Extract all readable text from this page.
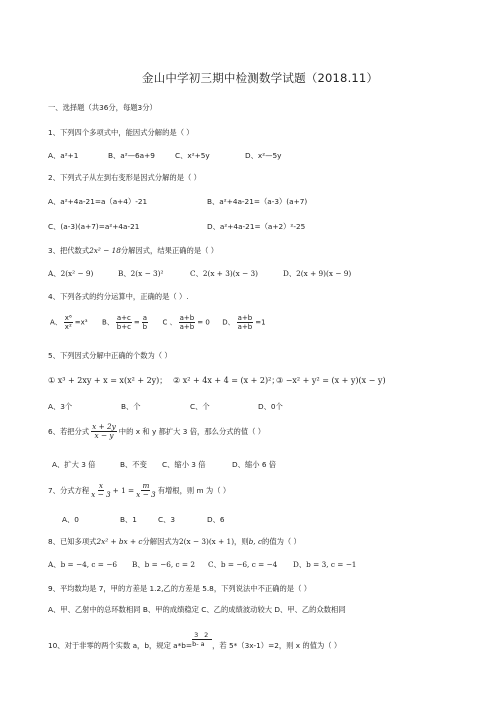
金山中学初三期中检测数学试题（2018.11）
一、选择题（共36分，每题3分）
1、下列四个多项式中，能因式分解的是（ ）
A、a²+1	B、a²—6a+9	C、x²+5y	D、x²—5y
2、下列式子从左到右变形是因式分解的是（ ）
A、a²+4a-21=a（a+4）-21	B、a²+4a-21=（a-3）(a+7)
C、(a-3)(a+7)=a²+4a-21	D、a²+4a-21=（a+2）²-25
3、把代数式2x² − 18分解因式，结果正确的是（ ）
A、2(x² − 9)	B、2(x − 3)²	C、2(x + 3)(x − 3)	D、2(x + 9)(x − 9)
4、下列各式的约分运算中，正确的是（ ）.
A、 $\frac{\text{x⁶}}{\text{x²}} =x^3$ B、 $\frac{a+c}{b+c} = \frac{a}{b}$ C 、 $\frac{a+b}{a+b} = 0$ D、 $\frac{a+b}{a+b} =1$
5、下列因式分解中正确的个数为（ ）
① x³ + 2xy + x = x(x² + 2y)； ② x² + 4x + 4 = (x + 2)²；
③ −x² + y² = (x + y)(x − y)
A、3个	B、个	C、个	D、0个
6、若把分式 $\frac{x + 2y}{x - y}$ 中的 x 和 y 都扩大 3 倍，那么分式的值（ ）
A、扩大 3 倍	B、不变 C、缩小 3 倍	D、缩小 6 倍
7、分式方程 $\frac{x}{x - 3} + 1 = \frac{m}{x - 3}$ 有增根，则 m 为（ ）
A、0	B、1	C、3	D、6
8、已知多项式2x² + bx + c分解因式为2(x − 3)(x + 1)，则b, c的值为（ ）
A、b = −4, c = −6 B、b = −6, c = 2 C、b = −6, c = −4 D、b = 3, c = −1
9、平均数均是 7，甲的方差是 1.2,乙的方差是 5.8，下列说法中不正确的是（ ）
A、甲、乙射中的总环数相同 B、甲的成绩稳定 C、乙的成绩波动较大 D、甲、乙的众数相同
10、对于非零的两个实数 a，b，规定 a*b=
3 2
b- a ，若 5*（3x-1）=2，则 x 的值为（ ）
